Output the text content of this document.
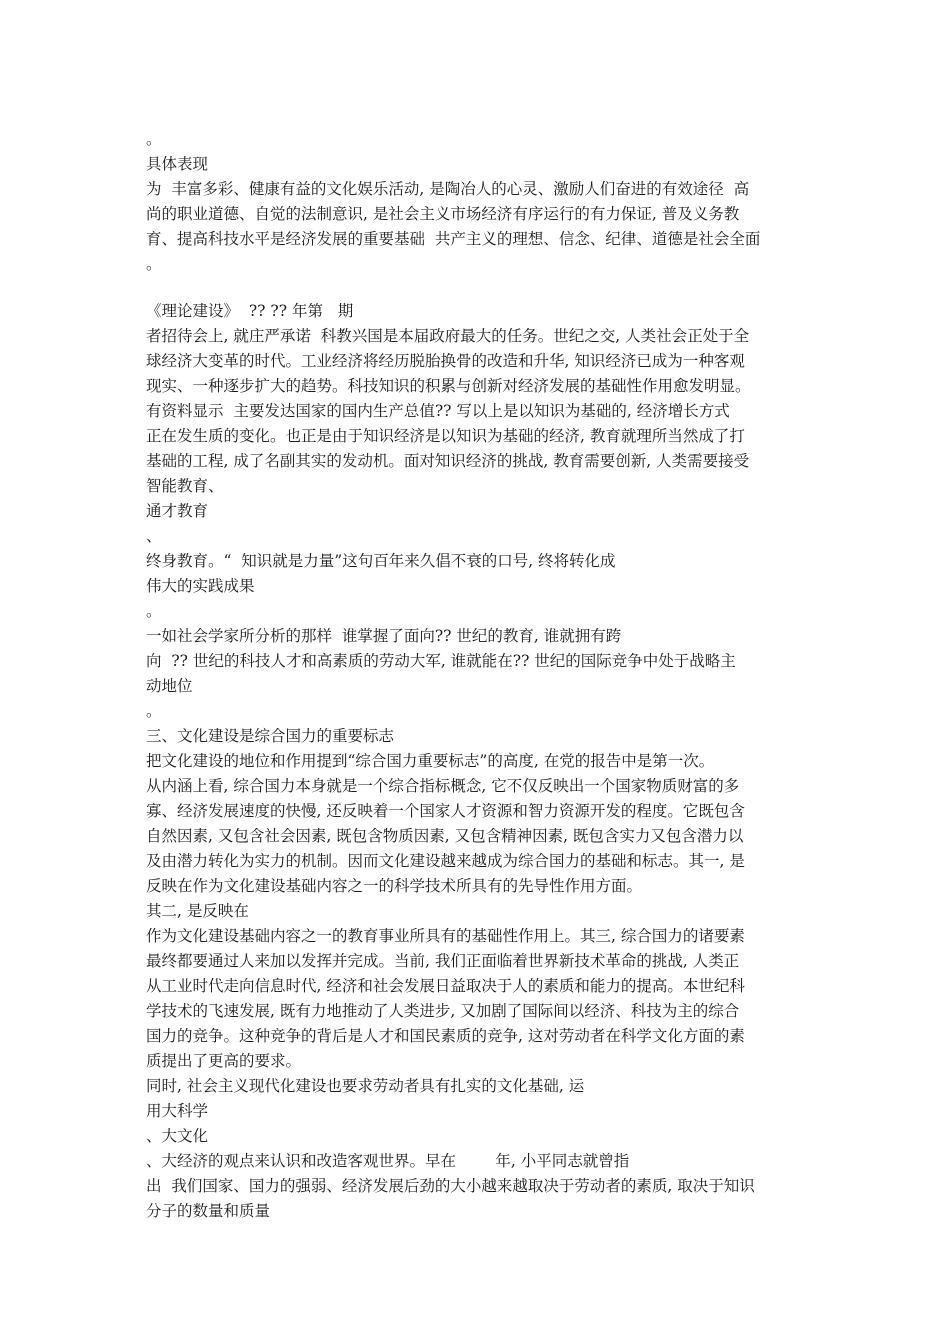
。

具体表现

为  丰富多彩、健康有益的文化娱乐活动, 是陶冶人的心灵、激励人们奋进的有效途径  高

尚的职业道德、自觉的法制意识, 是社会主义市场经济有序运行的有力保证, 普及义务教

育、提高科技水平是经济发展的重要基础  共产主义的理想、信念、纪律、道德是社会全面

。

《理论建设》  ?? ?? 年第   期

者招待会上, 就庄严承诺  科教兴国是本届政府最大的任务。世纪之交, 人类社会正处于全

球经济大变革的时代。工业经济将经历脱胎换骨的改造和升华, 知识经济已成为一种客观

现实、一种逐步扩大的趋势。科技知识的积累与创新对经济发展的基础性作用愈发明显。

有资料显示  主要发达国家的国内生产总值?? 写以上是以知识为基础的, 经济增长方式

正在发生质的变化。也正是由于知识经济是以知识为基础的经济, 教育就理所当然成了打

基础的工程, 成了名副其实的发动机。面对知识经济的挑战, 教育需要创新, 人类需要接受

智能教育、

通才教育

、

终身教育。“  知识就是力量”这句百年来久倡不衰的口号, 终将转化成

伟大的实践成果

。

一如社会学家所分析的那样  谁掌握了面向?? 世纪的教育, 谁就拥有跨

向  ?? 世纪的科技人才和高素质的劳动大军, 谁就能在?? 世纪的国际竞争中处于战略主

动地位

。

三、文化建设是综合国力的重要标志

把文化建设的地位和作用提到“综合国力重要标志”的高度, 在党的报告中是第一次。

从内涵上看, 综合国力本身就是一个综合指标概念, 它不仅反映出一个国家物质财富的多

寡、经济发展速度的快慢, 还反映着一个国家人才资源和智力资源开发的程度。它既包含

自然因素, 又包含社会因素, 既包含物质因素, 又包含精神因素, 既包含实力又包含潜力以

及由潜力转化为实力的机制。因而文化建设越来越成为综合国力的基础和标志。其一, 是

反映在作为文化建设基础内容之一的科学技术所具有的先导性作用方面。

其二, 是反映在

作为文化建设基础内容之一的教育事业所具有的基础性作用上。其三, 综合国力的诸要素

最终都要通过人来加以发挥并完成。当前, 我们正面临着世界新技术革命的挑战, 人类正

从工业时代走向信息时代, 经济和社会发展日益取决于人的素质和能力的提高。本世纪科

学技术的飞速发展, 既有力地推动了人类进步, 又加剧了国际间以经济、科技为主的综合

国力的竞争。这种竞争的背后是人才和国民素质的竞争, 这对劳动者在科学文化方面的素

质提出了更高的要求。

同时, 社会主义现代化建设也要求劳动者具有扎实的文化基础, 运

用大科学

、大文化

、大经济的观点来认识和改造客观世界。早在        年, 小平同志就曾指

出  我们国家、国力的强弱、经济发展后劲的大小越来越取决于劳动者的素质, 取决于知识

分子的数量和质量
